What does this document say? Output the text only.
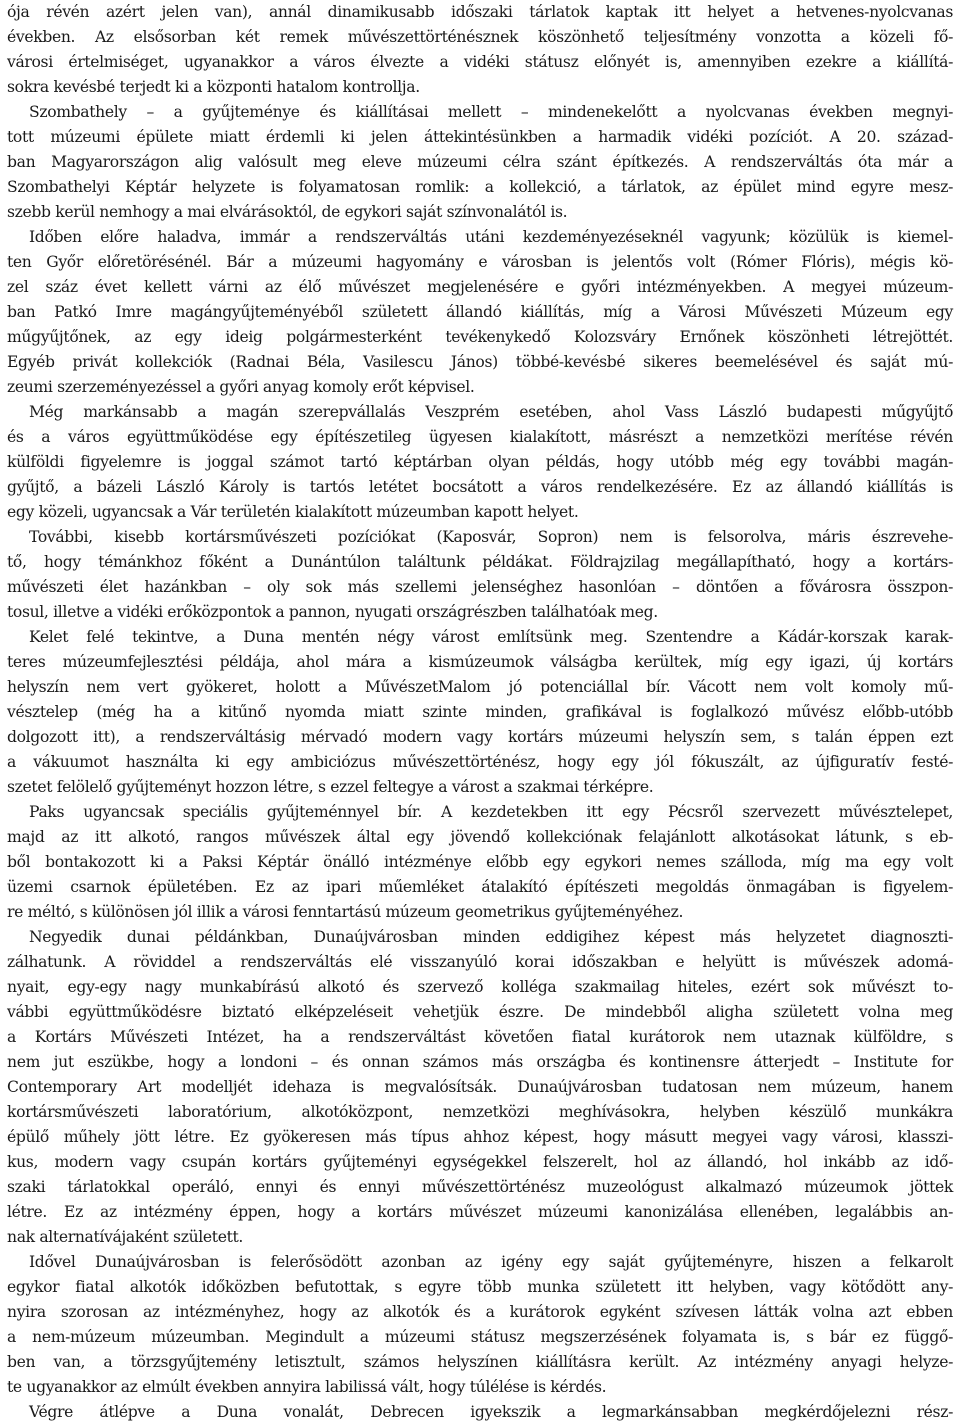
ója révén azért jelen van), annál dinamikusabb időszaki tárlatok kaptak itt helyet a hetvenes-nyolcvanas
években. Az elsősorban két remek művészettörténésznek köszönhető teljesítmény vonzotta a közeli fő-
városi értelmiséget, ugyanakkor a város élvezte a vidéki státusz előnyét is, amennyiben ezekre a kiállítá-
sokra kevésbé terjedt ki a központi hatalom kontrollja.
Szombathely – a gyűjteménye és kiállításai mellett – mindenekelőtt a nyolcvanas években megnyi-
tott múzeumi épülete miatt érdemli ki jelen áttekintésünkben a harmadik vidéki pozíciót. A 20. század-
ban Magyarországon alig valósult meg eleve múzeumi célra szánt építkezés. A rendszerváltás óta már a
Szombathelyi Képtár helyzete is folyamatosan romlik: a kollekció, a tárlatok, az épület mind egyre mesz-
szebb kerül nemhogy a mai elvárásoktól, de egykori saját színvonalától is.
Időben előre haladva, immár a rendszerváltás utáni kezdeményezéseknél vagyunk; közülük is kiemel-
ten Győr előretörésénél. Bár a múzeumi hagyomány e városban is jelentős volt (Rómer Flóris), mégis kö-
zel száz évet kellett várni az élő művészet megjelenésére e győri intézményekben. A megyei múzeum-
ban Patkó Imre magángyűjteményéből született állandó kiállítás, míg a Városi Művészeti Múzeum egy
műgyűjtőnek, az egy ideig polgármesterként tevékenykedő Kolozsváry Ernőnek köszönheti létrejöttét.
Egyéb privát kollekciók (Radnai Béla, Vasilescu János) többé-kevésbé sikeres beemelésével és saját mú-
zeumi szerzeményezéssel a győri anyag komoly erőt képvisel.
Még markánsabb a magán szerepvállalás Veszprém esetében, ahol Vass László budapesti műgyűjtő
és a város együttműködése egy építészetileg ügyesen kialakított, másrészt a nemzetközi merítése révén
külföldi figyelemre is joggal számot tartó képtárban olyan példás, hogy utóbb még egy további magán-
gyűjtő, a bázeli László Károly is tartós letétet bocsátott a város rendelkezésére. Ez az állandó kiállítás is
egy közeli, ugyancsak a Vár területén kialakított múzeumban kapott helyet.
További, kisebb kortársművészeti pozíciókat (Kaposvár, Sopron) nem is felsorolva, máris észrevehe-
tő, hogy témánkhoz főként a Dunántúlon találtunk példákat. Földrajzilag megállapítható, hogy a kortárs-
művészeti élet hazánkban – oly sok más szellemi jelenséghez hasonlóan – döntően a fővárosra összpon-
tosul, illetve a vidéki erőközpontok a pannon, nyugati országrészben találhatóak meg.
Kelet felé tekintve, a Duna mentén négy várost említsünk meg. Szentendre a Kádár-korszak karak-
teres múzeumfejlesztési példája, ahol mára a kismúzeumok válságba kerültek, míg egy igazi, új kortárs
helyszín nem vert gyökeret, holott a MűvészetMalom jó potenciállal bír. Vácott nem volt komoly mű-
vésztelep (még ha a kitűnő nyomda miatt szinte minden, grafikával is foglalkozó művész előbb-utóbb
dolgozott itt), a rendszerváltásig mérvadó modern vagy kortárs múzeumi helyszín sem, s talán éppen ezt
a vákuumot használta ki egy ambiciózus művészettörténész, hogy egy jól fókuszált, az újfiguratív festé-
szetet felölelő gyűjteményt hozzon létre, s ezzel feltegye a várost a szakmai térképre.
Paks ugyancsak speciális gyűjteménnyel bír. A kezdetekben itt egy Pécsről szervezett művésztelepet,
majd az itt alkotó, rangos művészek által egy jövendő kollekciónak felajánlott alkotásokat látunk, s eb-
ből bontakozott ki a Paksi Képtár önálló intézménye előbb egy egykori nemes szálloda, míg ma egy volt
üzemi csarnok épületében. Ez az ipari műemléket átalakító építészeti megoldás önmagában is figyelem-
re méltó, s különösen jól illik a városi fenntartású múzeum geometrikus gyűjteményéhez.
Negyedik dunai példánkban, Dunaújvárosban minden eddigihez képest más helyzetet diagnoszti-
zálhatunk. A röviddel a rendszerváltás elé visszanyúló korai időszakban e helyütt is művészek adomá-
nyait, egy-egy nagy munkabírású alkotó és szervező kollégа szakmailag hiteles, ezért sok művészt to-
vábbi együttműködésre biztató elképzeléseit vehetjük észre. De mindebből aligha született volna meg
a Kortárs Művészeti Intézet, ha a rendszerváltást követően fiatal kurátorok nem utaznak külföldre, s
nem jut eszükbe, hogy a londoni – és onnan számos más országba és kontinensre átterjedt – Institute for
Contemporary Art modelljét idehaza is megvalósítsák. Dunaújvárosban tudatosan nem múzeum, hanem
kortársművészeti laboratórium, alkotóközpont, nemzetközi meghívásokra, helyben készülő munkákra
épülő műhely jött létre. Ez gyökeresen más típus ahhoz képest, hogy másutt megyei vagy városi, klasszi-
kus, modern vagy csupán kortárs gyűjteményi egységekkel felszerelt, hol az állandó, hol inkább az idő-
szaki tárlatokkal operáló, ennyi és ennyi művészettörténész muzeológust alkalmazó múzeumok jöttek
létre. Ez az intézmény éppen, hogy a kortárs művészet múzeumi kanonizálása ellenében, legalábbis an-
nak alternatívájaként született.
Idővel Dunaújvárosban is felerősödött azonban az igény egy saját gyűjteményre, hiszen a felkarolt
egykor fiatal alkotók időközben befutottak, s egyre több munka született itt helyben, vagy kötődött any-
nyira szorosan az intézményhez, hogy az alkotók és a kurátorok egyként szívesen látták volna azt ebben
a nem-múzeum múzeumban. Megindult a múzeumi státusz megszerzésének folyamata is, s bár ez függő-
ben van, a törzsgyűjtemény letisztult, számos helyszínen kiállításra került. Az intézmény anyagi helyze-
te ugyanakkor az elmúlt években annyira labilissá vált, hogy túlélése is kérdés.
Végre átlépve a Duna vonalát, Debrecen igyekszik a legmarkánsabban megkérdőjelezni rész-
